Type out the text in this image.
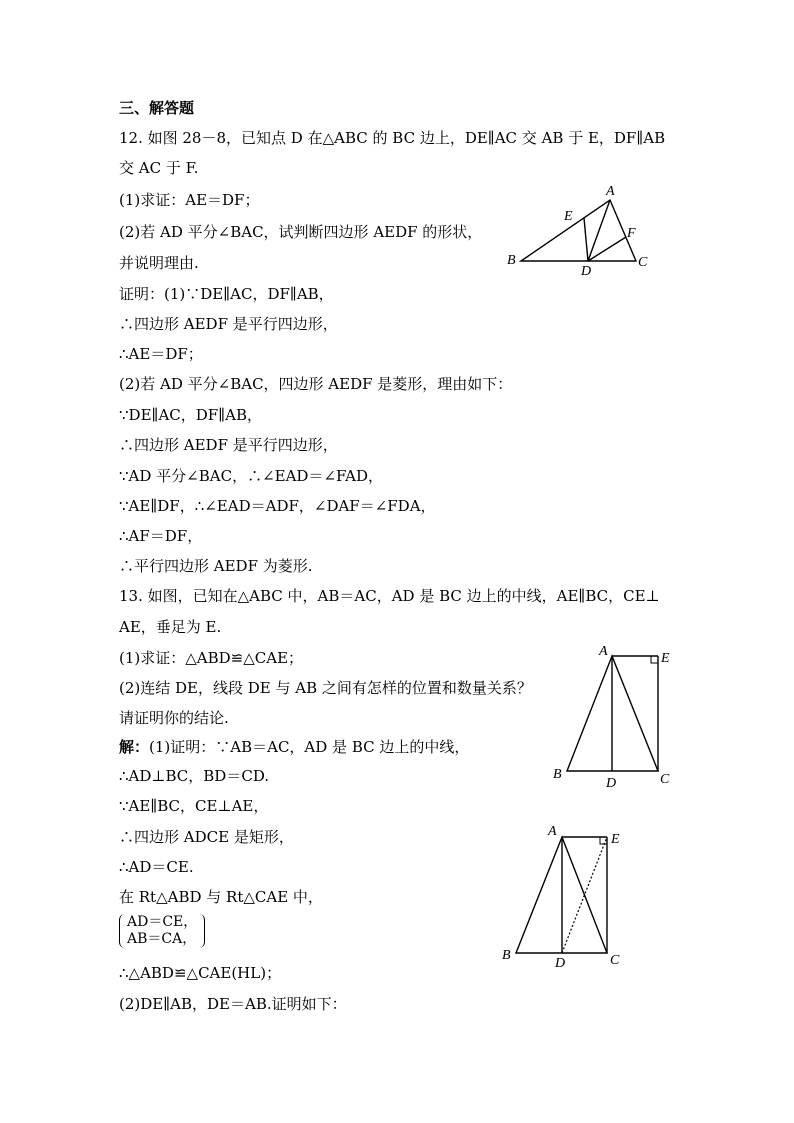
三、解答题
12. 如图 28－8，已知点 D 在△ABC 的 BC 边上，DE∥AC 交 AB 于 E，DF∥AB
交 AC 于 F.
(1)求证：AE＝DF；
(2)若 AD 平分∠BAC，试判断四边形 AEDF 的形状，
并说明理由.
证明：(1)∵DE∥AC，DF∥AB，
∴四边形 AEDF 是平行四边形，
∴AE＝DF；
(2)若 AD 平分∠BAC，四边形 AEDF 是菱形，理由如下：
∵DE∥AC，DF∥AB，
∴四边形 AEDF 是平行四边形，
∵AD 平分∠BAC，∴∠EAD＝∠FAD，
∵AE∥DF，∴∠EAD＝ADF，∠DAF＝∠FDA，
∴AF＝DF，
∴平行四边形 AEDF 为菱形.
A
B	C
D
E
F
13. 如图，已知在△ABC 中，AB＝AC，AD 是 BC 边上的中线，AE∥BC，CE⊥
AE，垂足为 E.
(1)求证：△ABD≌△CAE；
(2)连结 DE，线段 DE 与 AB 之间有怎样的位置和数量关系？
请证明你的结论.
解：(1)证明：∵AB＝AC，AD 是 BC 边上的中线，
∴AD⊥BC，BD＝CD.
∵AE∥BC，CE⊥AE，
∴四边形 ADCE 是矩形，
∴AD＝CE.
在 Rt△ABD 与 Rt△CAE 中，
AD＝CE，
AB＝CA，
∴△ABD≌△CAE(HL)；
(2)DE∥AB，DE＝AB.证明如下：
A	E
B
D	C
A
E
B
D	C
